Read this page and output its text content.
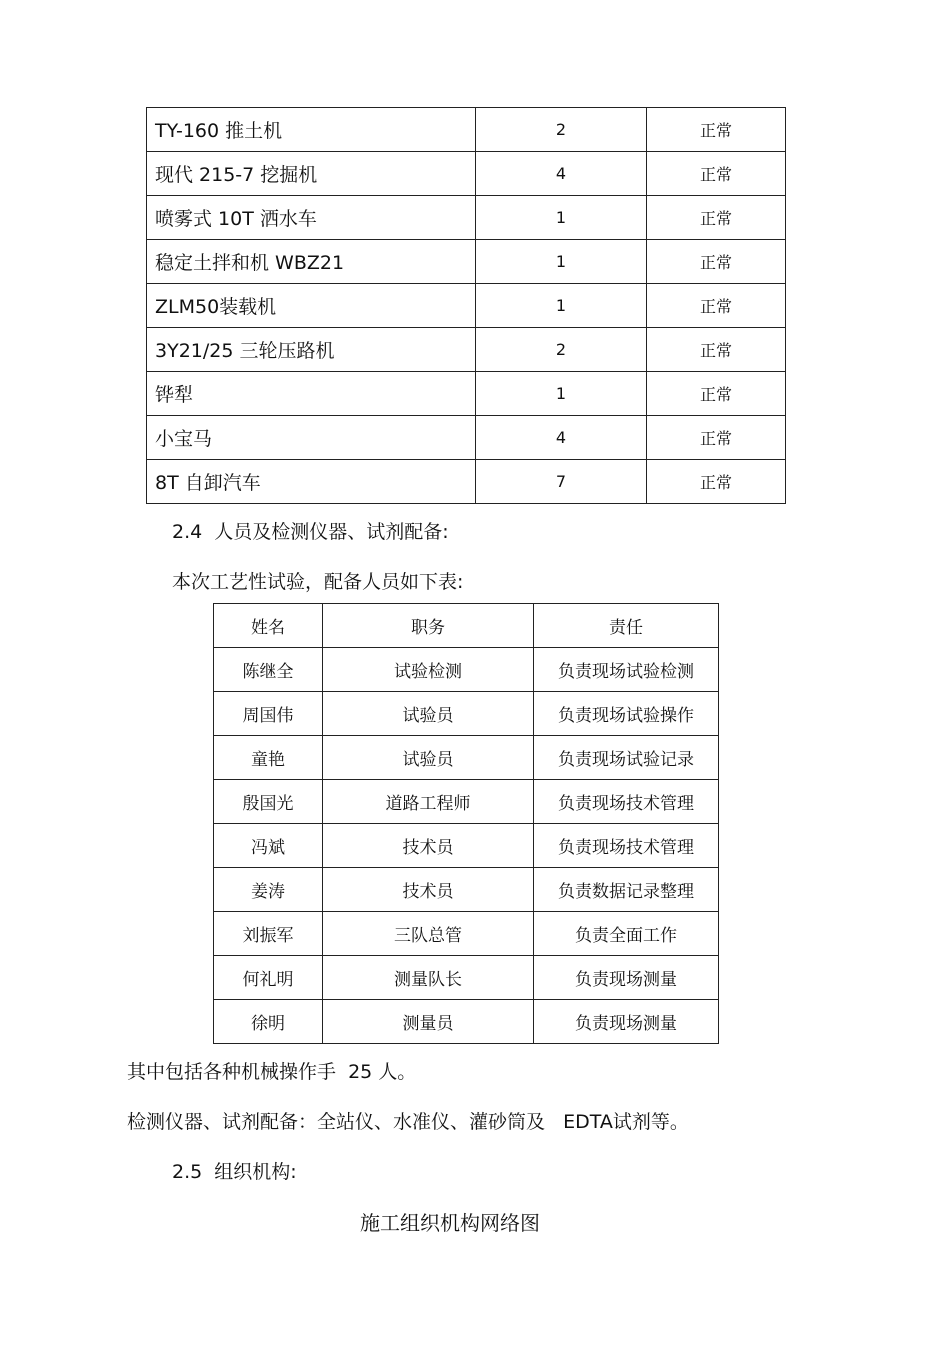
TY-160 推土机	2	正常
现代 215-7 挖掘机	4	正常
喷雾式 10T 洒水车	1	正常
稳定土拌和机 WBZ21	1	正常
ZLM50装载机	1	正常
3Y21/25 三轮压路机	2	正常
铧犁	1	正常
小宝马	4	正常
8T 自卸汽车	7	正常
2.4  人员及检测仪器、试剂配备:
本次工艺性试验，配备人员如下表:
姓名	职务	责任
陈继全	试验检测	负责现场试验检测
周国伟	试验员	负责现场试验操作
童艳	试验员	负责现场试验记录
殷国光	道路工程师	负责现场技术管理
冯斌	技术员	负责现场技术管理
姜涛	技术员	负责数据记录整理
刘振军	三队总管	负责全面工作
何礼明	测量队长	负责现场测量
徐明	测量员	负责现场测量
其中包括各种机械操作手  25 人。
检测仪器、试剂配备：全站仪、水准仪、灌砂筒及   EDTA试剂等。
2.5  组织机构:
施工组织机构网络图
